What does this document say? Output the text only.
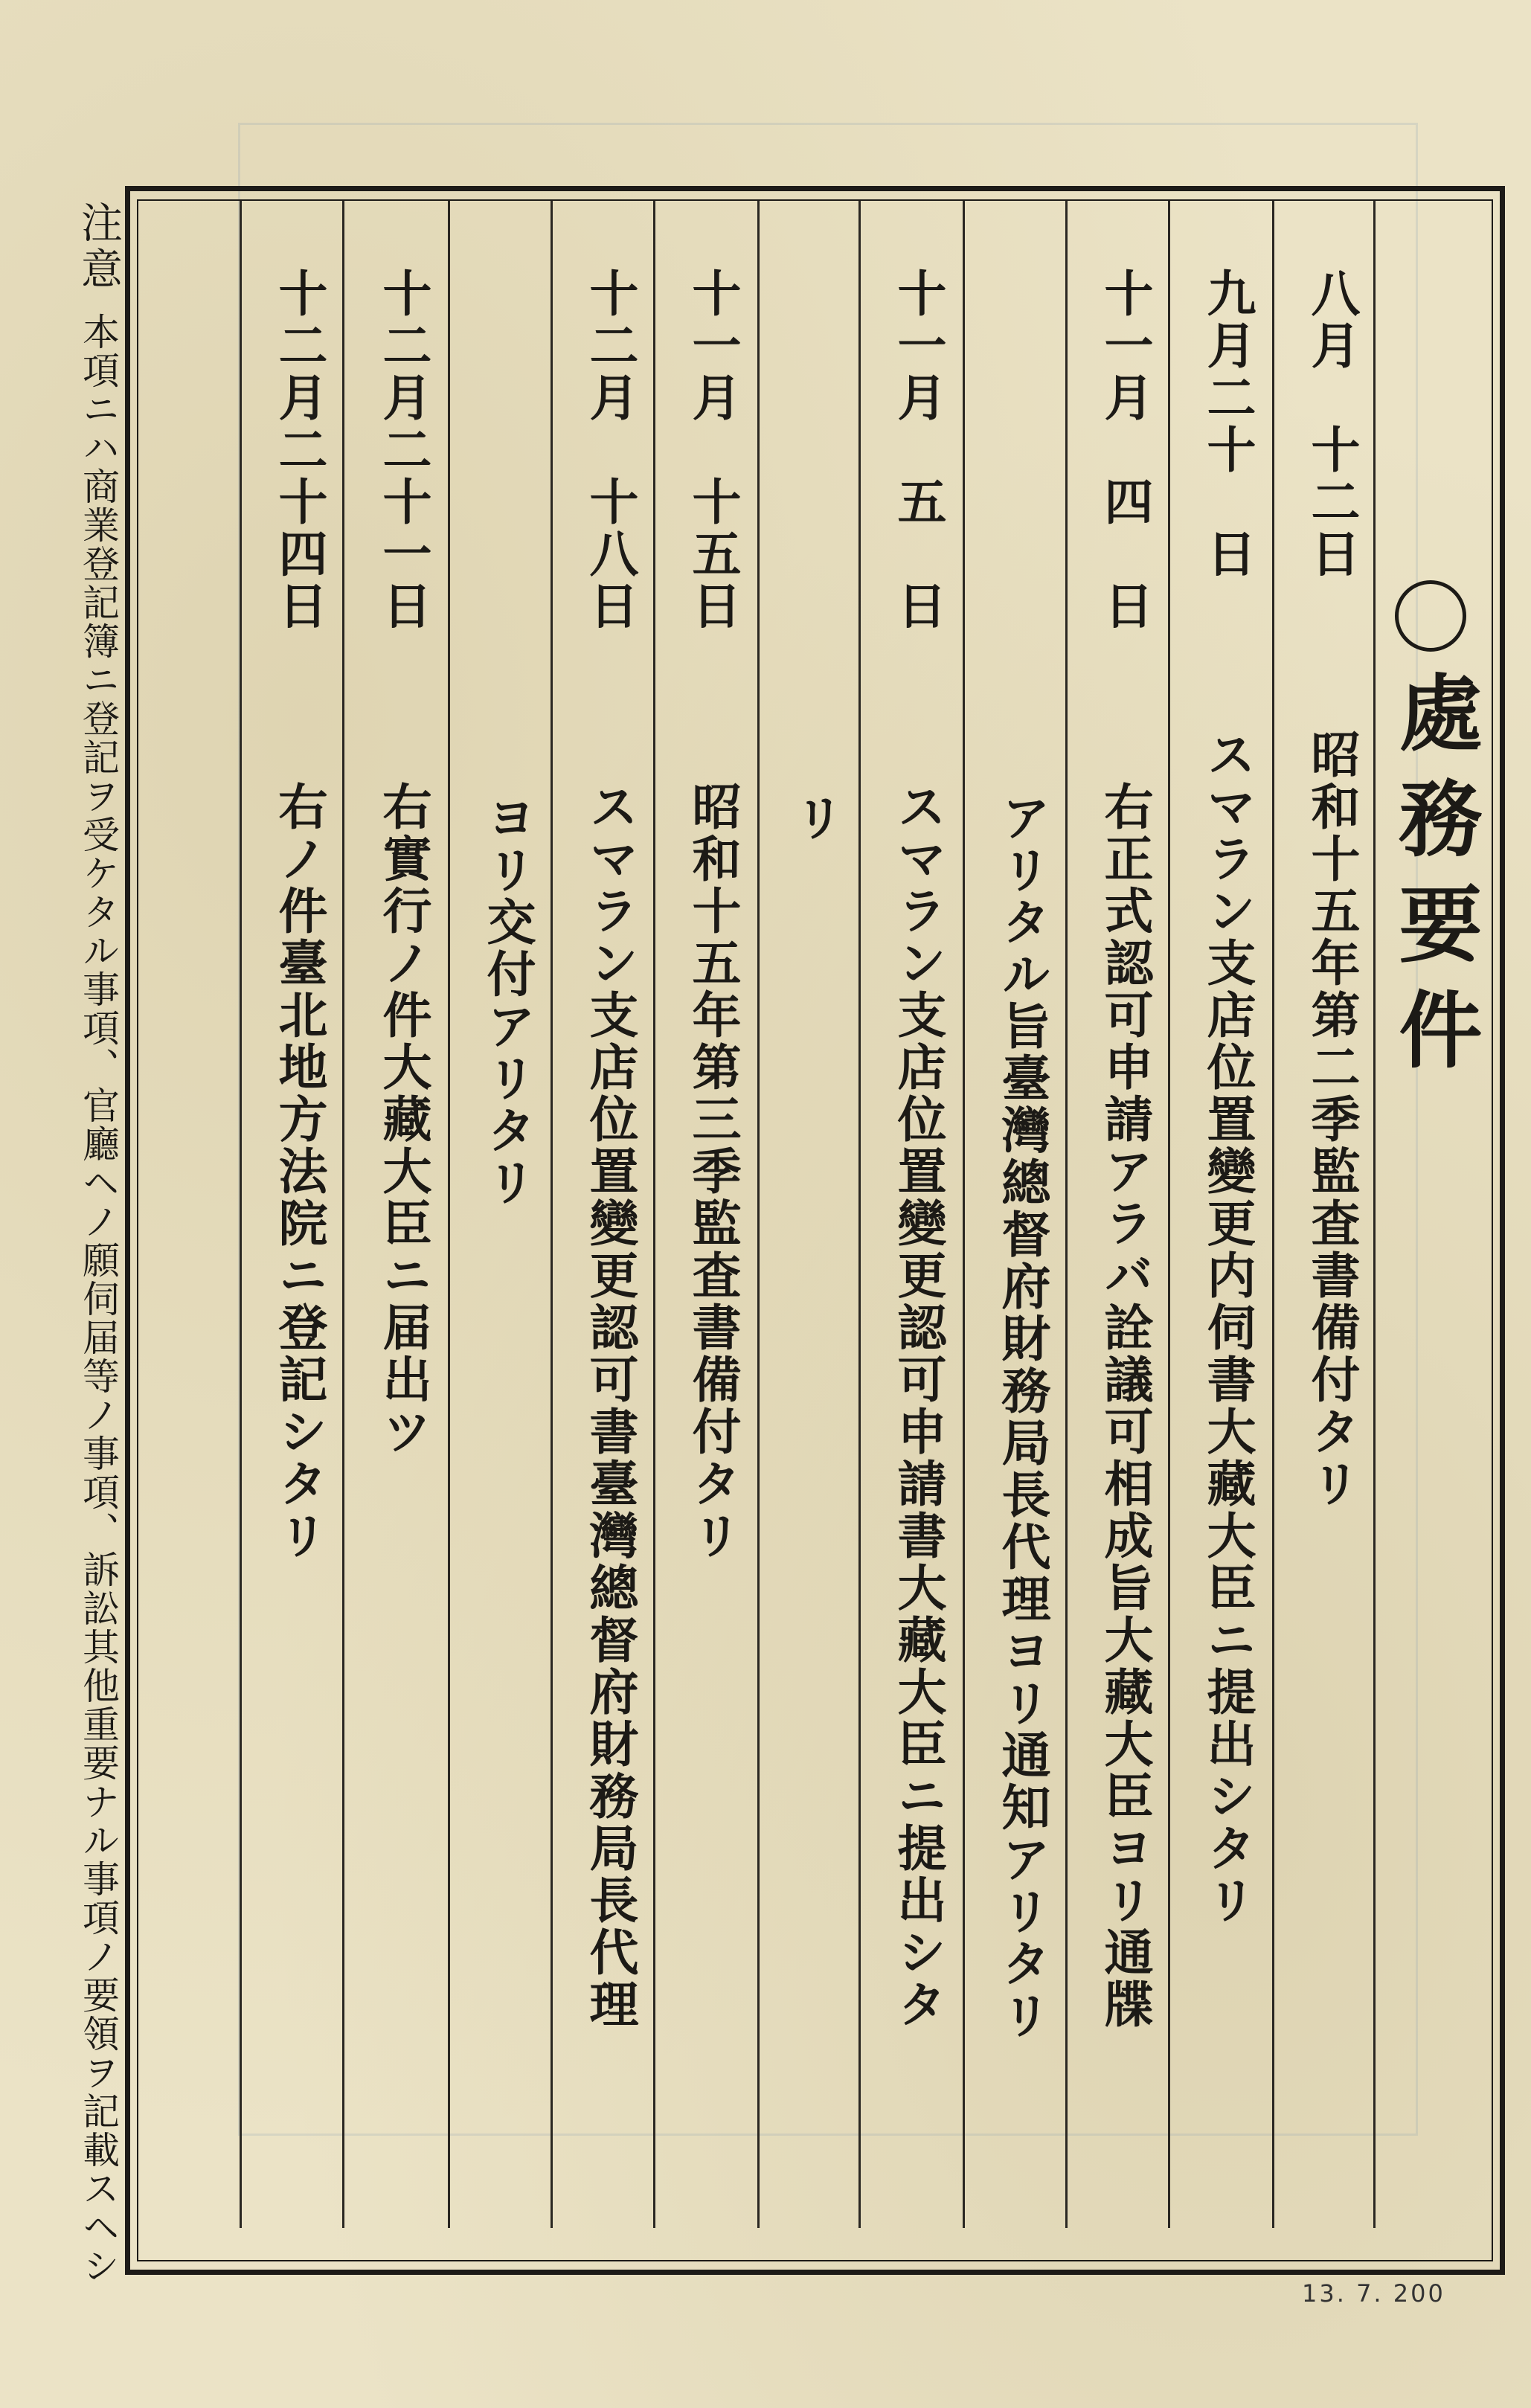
處務要件
八月　十二日昭和十五年第二季監査書備付タリ
九月二十　日スマラン支店位置變更内伺書大藏大臣ニ提出シタリ
十一月　四　日右正式認可申請アラバ詮議可相成旨大藏大臣ヨリ通牒
アリタル旨臺灣總督府財務局長代理ヨリ通知アリタリ
十一月　五　日スマラン支店位置變更認可申請書大藏大臣ニ提出シタ
リ
十一月　十五日昭和十五年第三季監査書備付タリ
十二月　十八日スマラン支店位置變更認可書臺灣總督府財務局長代理
ヨリ交付アリタリ
十二月二十一日右實行ノ件大藏大臣ニ届出ツ
十二月二十四日右ノ件臺北地方法院ニ登記シタリ
注意
本項ニハ商業登記簿ニ登記ヲ受ケタル事項、官廳ヘノ願伺届等ノ事項、訴訟其他重要ナル事項ノ要領ヲ記載スヘシ
13. 7. 200
